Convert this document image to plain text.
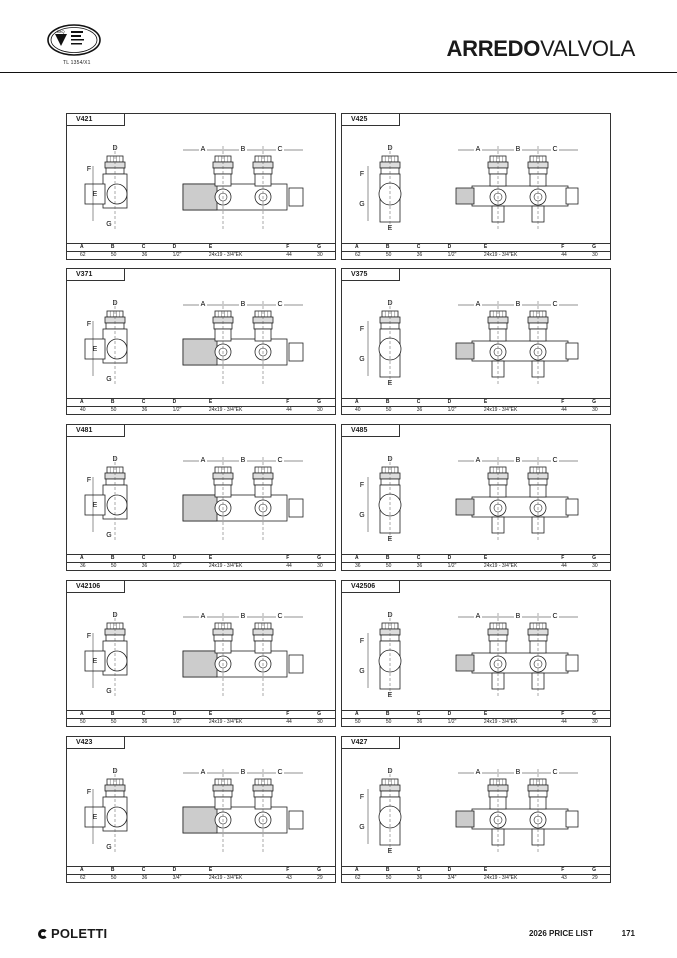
IMQ
TL 1354/X1
ARREDOVALVOLA
V421
D
F
E
G
A	B	C
A	B	C	D	E	F	G
62	50	36	1/2"	24x19 - 3/4"EK	44	30
V425
D
F
G
E
A	B	C
A	B	C	D	E	F	G
62	50	36	1/2"	24x19 - 3/4"EK	44	30
V371
D
F
E
G
A	B	C
A	B	C	D	E	F	G
40	50	36	1/2"	24x19 - 3/4"EK	44	30
V375
D
F
G
E
A	B	C
A	B	C	D	E	F	G
40	50	36	1/2"	24x19 - 3/4"EK	44	30
V481
D
F
E
G
A	B	C
A	B	C	D	E	F	G
36	50	36	1/2"	24x19 - 3/4"EK	44	30
V485
D
F
G
E
A	B	C
A	B	C	D	E	F	G
36	50	36	1/2"	24x19 - 3/4"EK	44	30
V42106
D
F
E
G
A	B	C
A	B	C	D	E	F	G
50	50	36	1/2"	24x19 - 3/4"EK	44	30
V42506
D
F
G
E
A	B	C
A	B	C	D	E	F	G
50	50	36	1/2"	24x19 - 3/4"EK	44	30
V423
D
F
E
G
A	B	C
A	B	C	D	E	F	G
62	50	36	3/4"	24x19 - 3/4"EK	43	29
V427
D
F
G
E
A	B	C
A	B	C	D	E	F	G
62	50	36	3/4"	24x19 - 3/4"EK	43	29
POLETTI	2026 PRICE LIST	171
